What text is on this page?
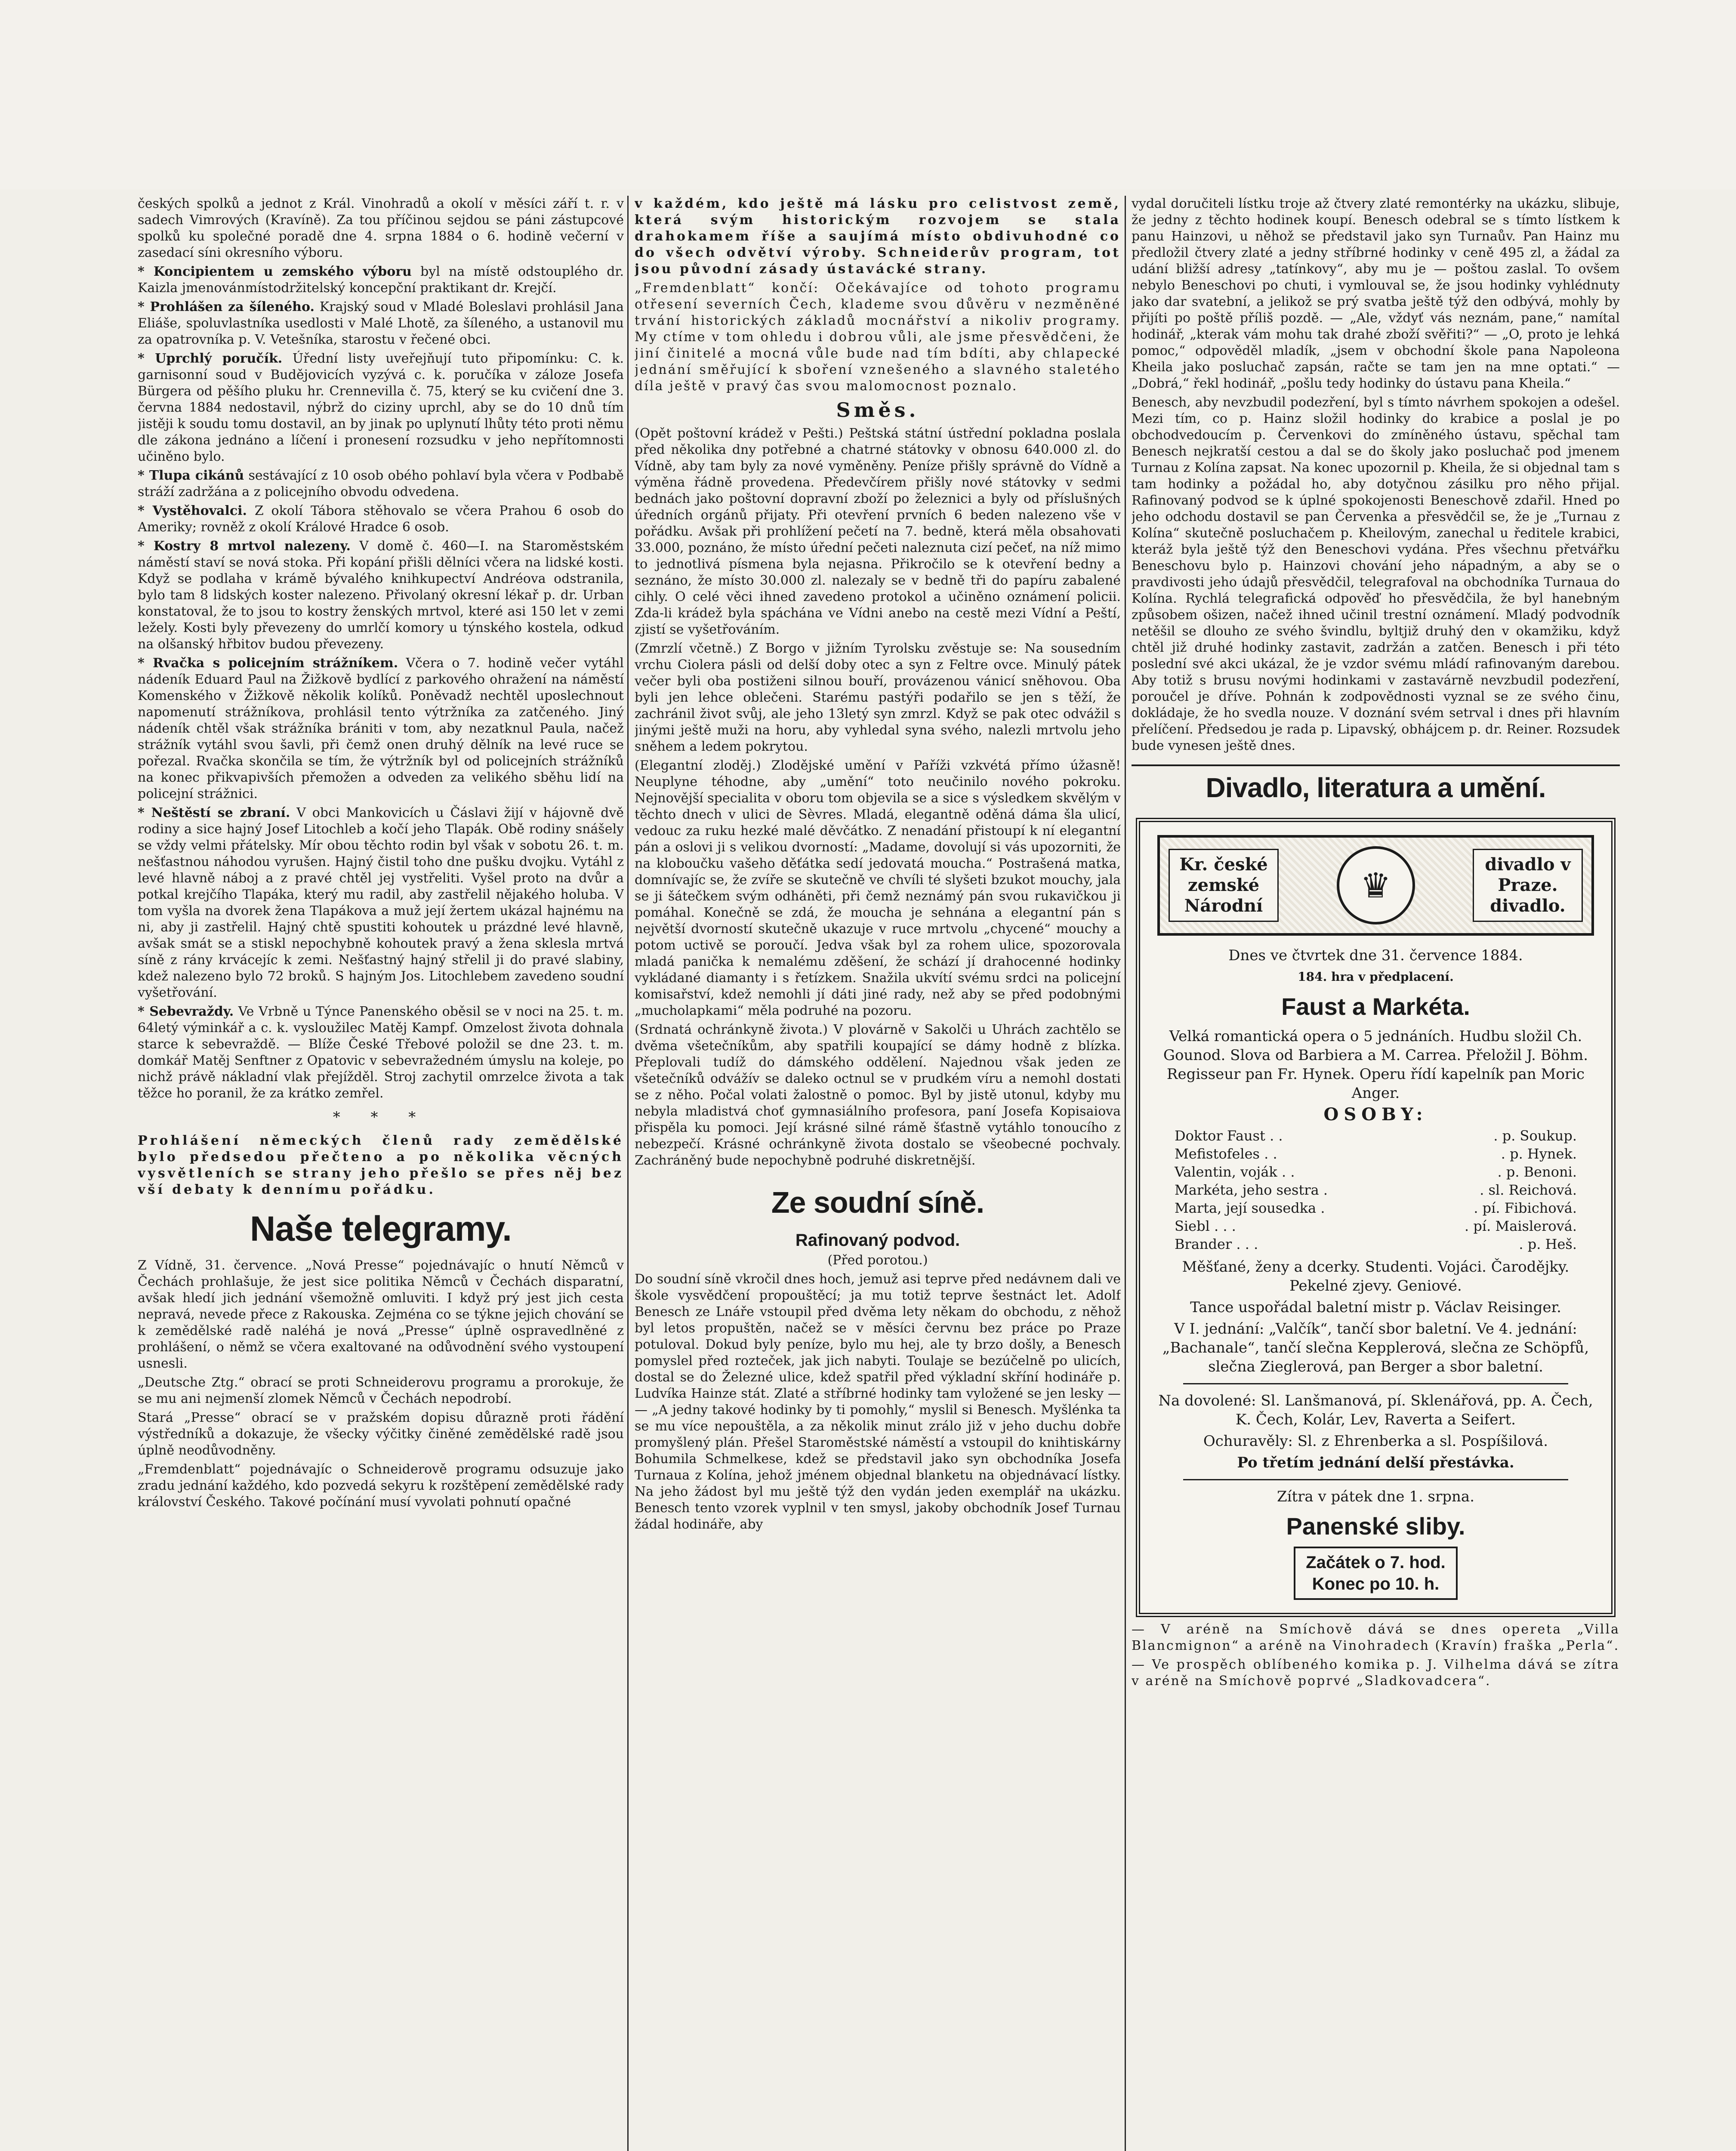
českých spolků a jednot z Král. Vinohradů a okolí v měsíci září t. r. v sadech Vimrových (Kravíně). Za tou příčinou sejdou se páni zástupcové spolků ku společné poradě dne 4. srpna 1884 o 6. hodině večerní v zasedací síni okresního výboru.

* Koncipientem u zemského výboru byl na místě odstouplého dr. Kaizla jmenovánmístodržitelský koncepční praktikant dr. Krejčí.

* Prohlášen za šíleného. Krajský soud v Mladé Boleslavi prohlásil Jana Eliáše, spoluvlastníka usedlosti v Malé Lhotě, za šíleného, a ustanovil mu za opatrovníka p. V. Vetešníka, starostu v řečené obci.

* Uprchlý poručík. Úřední listy uveřejňují tuto připomínku: C. k. garnisonní soud v Budějovicích vyzývá c. k. poručíka v záloze Josefa Bürgera od pěšího pluku hr. Crennevilla č. 75, který se ku cvičení dne 3. června 1884 nedostavil, nýbrž do ciziny uprchl, aby se do 10 dnů tím jistěji k soudu tomu dostavil, an by jinak po uplynutí lhůty této proti němu dle zákona jednáno a líčení i pronesení rozsudku v jeho nepřítomnosti učiněno bylo.

* Tlupa cikánů sestávající z 10 osob obého pohlaví byla včera v Podbabě stráží zadržána a z policejního obvodu odvedena.

* Vystěhovalci. Z okolí Tábora stěhovalo se včera Prahou 6 osob do Ameriky; rovněž z okolí Králové Hradce 6 osob.

* Kostry 8 mrtvol nalezeny. V domě č. 460—I. na Staroměstském náměstí staví se nová stoka. Při kopání přišli dělníci včera na lidské kosti. Když se podlaha v krámě bývalého knihkupectví Andréova odstranila, bylo tam 8 lidských koster nalezeno. Přivolaný okresní lékař p. dr. Urban konstatoval, že to jsou to kostry ženských mrtvol, které asi 150 let v zemi ležely. Kosti byly převezeny do umrlčí komory u týnského kostela, odkud na olšanský hřbitov budou převezeny.

* Rvačka s policejním strážníkem. Včera o 7. hodině večer vytáhl nádeník Eduard Paul na Žižkově bydlící z parkového ohražení na náměstí Komenského v Žižkově několik kolíků. Poněvadž nechtěl uposlechnout napomenutí strážníkova, prohlásil tento výtržníka za zatčeného. Jiný nádeník chtěl však strážníka brániti v tom, aby nezatknul Paula, načež strážník vytáhl svou šavli, při čemž onen druhý dělník na levé ruce se pořezal. Rvačka skončila se tím, že výtržník byl od policejních strážníků na konec přikvapivších přemožen a odveden za velikého sběhu lidí na policejní strážnici.

* Neštěstí se zbraní. V obci Mankovicích u Čáslavi žijí v hájovně dvě rodiny a sice hajný Josef Litochleb a kočí jeho Tlapák. Obě rodiny snášely se vždy velmi přátelsky. Mír obou těchto rodin byl však v sobotu 26. t. m. nešťastnou náhodou vyrušen. Hajný čistil toho dne pušku dvojku. Vytáhl z levé hlavně náboj a z pravé chtěl jej vystřeliti. Vyšel proto na dvůr a potkal krejčího Tlapáka, který mu radil, aby zastřelil nějakého holuba. V tom vyšla na dvorek žena Tlapákova a muž její žertem ukázal hajnému na ni, aby ji zastřelil. Hajný chtě spustiti kohoutek u prázdné levé hlavně, avšak smát se a stiskl nepochybně kohoutek pravý a žena sklesla mrtvá síně z rány krvácejíc k zemi. Nešťastný hajný střelil ji do pravé slabiny, kdež nalezeno bylo 72 broků. S hajným Jos. Litochlebem zavedeno soudní vyšetřování.

* Sebevraždy. Ve Vrbně u Týnce Panenského oběsil se v noci na 25. t. m. 64letý výminkář a c. k. vysloužilec Matěj Kampf. Omzelost života dohnala starce k sebevraždě. — Blíže České Třebové položil se dne 23. t. m. domkář Matěj Senftner z Opatovic v sebevražedném úmyslu na koleje, po nichž právě nákladní vlak přejížděl. Stroj zachytil omrzelce života a tak těžce ho poranil, že za krátko zemřel.

* * *

Prohlášení německých členů rady zemědělské bylo předsedou přečteno a po několika věcných vysvětleních se strany jeho přešlo se přes něj bez vší debaty k dennímu pořádku.

Naše telegramy.

Z Vídně, 31. července. „Nová Presse“ pojednávajíc o hnutí Němců v Čechách prohlašuje, že jest sice politika Němců v Čechách disparatní, avšak hledí jich jednání všemožně omluviti. I když prý jest jich cesta nepravá, nevede přece z Rakouska. Zejména co se týkne jejich chování se k zemědělské radě naléhá je nová „Presse“ úplně ospravedlněné z prohlášení, o němž se včera exaltované na odůvodnění svého vystoupení usnesli.

„Deutsche Ztg.“ obrací se proti Schneiderovu programu a prorokuje, že se mu ani nejmenší zlomek Němců v Čechách nepodrobí.

Stará „Presse“ obrací se v pražském dopisu důrazně proti řádění výstředníků a dokazuje, že všecky výčitky činěné zemědělské radě jsou úplně neodůvodněny.

„Fremdenblatt“ pojednávajíc o Schneiderově programu odsuzuje jako zradu jednání každého, kdo pozvedá sekyru k rozštěpení zemědělské rady království Českého. Takové počínání musí vyvolati pohnutí opačné

v každém, kdo ještě má lásku pro celistvost země, která svým historickým rozvojem se stala drahokamem říše a saujímá místo obdivuhodné co do všech odvětví výroby. Schneiderův program, tot jsou původní zásady ústavácké strany.

„Fremdenblatt“ končí: Očekávajíce od tohoto programu otřesení severních Čech, klademe svou důvěru v nezměněné trvání historických základů mocnářství a nikoliv programy. My ctíme v tom ohledu i dobrou vůli, ale jsme přesvědčeni, že jiní činitelé a mocná vůle bude nad tím bdíti, aby chlapecké jednání směřující k sboření vznešeného a slavného staletého díla ještě v pravý čas svou malomocnost poznalo.

Směs.

(Opět poštovní krádež v Pešti.) Peštská státní ústřední pokladna poslala před několika dny potřebné a chatrné státovky v obnosu 640.000 zl. do Vídně, aby tam byly za nové vyměněny. Peníze přišly správně do Vídně a výměna řádně provedena. Předevčírem přišly nové státovky v sedmi bednách jako poštovní dopravní zboží po železnici a byly od příslušných úředních orgánů přijaty. Při otevření prvních 6 beden nalezeno vše v pořádku. Avšak při prohlížení pečetí na 7. bedně, která měla obsahovati 33.000, poznáno, že místo úřední pečeti naleznuta cizí pečeť, na níž mimo to jednotlivá písmena byla nejasna. Přikročilo se k otevření bedny a seznáno, že místo 30.000 zl. nalezaly se v bedně tři do papíru zabalené cihly. O celé věci ihned zavedeno protokol a učiněno oznámení policii. Zda-li krádež byla spáchána ve Vídni anebo na cestě mezi Vídní a Peští, zjistí se vyšetřováním.

(Zmrzlí včetně.) Z Borgo v jižním Tyrolsku zvěstuje se: Na sousedním vrchu Ciolera pásli od delší doby otec a syn z Feltre ovce. Minulý pátek večer byli oba postiženi silnou bouří, provázenou vánicí sněhovou. Oba byli jen lehce oblečeni. Starému pastýři podařilo se jen s těží, že zachránil život svůj, ale jeho 13letý syn zmrzl. Když se pak otec odvážil s jinými ještě muži na horu, aby vyhledal syna svého, nalezli mrtvolu jeho sněhem a ledem pokrytou.

(Elegantní zloděj.) Zlodějské umění v Paříži vzkvétá přímo úžasně! Neuplyne téhodne, aby „umění“ toto neučinilo nového pokroku. Nejnovější specialita v oboru tom objevila se a sice s výsledkem skvělým v těchto dnech v ulici de Sèvres. Mladá, elegantně oděná dáma šla ulicí, vedouc za ruku hezké malé děvčátko. Z nenadání přistoupí k ní elegantní pán a oslovi ji s velikou dvorností: „Madame, dovolují si vás upozorniti, že na kloboučku vašeho děťátka sedí jedovatá moucha.“ Postrašená matka, domnívajíc se, že zvíře se skutečně ve chvíli té slyšeti bzukot mouchy, jala se ji šátečkem svým odháněti, při čemž neznámý pán svou rukavičkou ji pomáhal. Konečně se zdá, že moucha je sehnána a elegantní pán s největší dvorností skutečně ukazuje v ruce mrtvolu „chycené“ mouchy a potom uctivě se poroučí. Jedva však byl za rohem ulice, spozorovala mladá panička k nemalému zděšení, že schází jí drahocenné hodinky vykládané diamanty i s řetízkem. Snažila ukvítí svému srdci na policejní komisařství, kdež nemohli jí dáti jiné rady, než aby se před podobnými „mucholapkami“ měla podruhé na pozoru.

(Srdnatá ochránkyně života.) V plovárně v Sakolči u Uhrách zachtělo se dvěma všetečníkům, aby spatřili koupající se dámy hodně z blízka. Přeplovali tudíž do dámského oddělení. Najednou však jeden ze všetečníků odvážív se daleko octnul se v prudkém víru a nemohl dostati se z něho. Počal volati žalostně o pomoc. Byl by jistě utonul, kdyby mu nebyla mladistvá choť gymnasiálního profesora, paní Josefa Kopisaiova přispěla ku pomoci. Její krásné silné rámě šťastně vytáhlo tonoucího z nebezpečí. Krásné ochránkyně života dostalo se všeobecné pochvaly. Zachráněný bude nepochybně podruhé diskretnější.

Ze soudní síně.
Rafinovaný podvod.
(Před porotou.)

Do soudní síně vkročil dnes hoch, jemuž asi teprve před nedávnem dali ve škole vysvědčení propouštěcí; ja mu totiž teprve šestnáct let. Adolf Benesch ze Lnáře vstoupil před dvěma lety někam do obchodu, z něhož byl letos propuštěn, načež se v měsíci červnu bez práce po Praze potuloval. Dokud byly peníze, bylo mu hej, ale ty brzo došly, a Benesch pomyslel před rozteček, jak jich nabyti. Toulaje se bezúčelně po ulicích, dostal se do Železné ulice, kdež spatřil před výkladní skříní hodináře p. Ludvíka Hainze stát. Zlaté a stříbrné hodinky tam vyložené se jen lesky — — „A jedny takové hodinky by ti pomohly,“ myslil si Benesch. Myšlénka ta se mu více nepouštěla, a za několik minut zrálo již v jeho duchu dobře promyšlený plán. Přešel Staroměstské náměstí a vstoupil do knihtiskárny Bohumila Schmelkese, kdež se představil jako syn obchodníka Josefa Turnaua z Kolína, jehož jménem objednal blanketu na objednávací lístky. Na jeho žádost byl mu ještě týž den vydán jeden exemplář na ukázku. Benesch tento vzorek vyplnil v ten smysl, jakoby obchodník Josef Turnau žádal hodináře, aby

vydal doručiteli lístku troje až čtvery zlaté remontérky na ukázku, slibuje, že jedny z těchto hodinek koupí. Benesch odebral se s tímto lístkem k panu Hainzovi, u něhož se představil jako syn Turnaův. Pan Hainz mu předložil čtvery zlaté a jedny stříbrné hodinky v ceně 495 zl, a žádal za udání bližší adresy „tatínkovy“, aby mu je — poštou zaslal. To ovšem nebylo Beneschovi po chuti, i vymlouval se, že jsou hodinky vyhlédnuty jako dar svatební, a jelikož se prý svatba ještě týž den odbývá, mohly by přijíti po poště příliš pozdě. — „Ale, vždyť vás neznám, pane,“ namítal hodinář, „kterak vám mohu tak drahé zboží svěřiti?“ — „O, proto je lehká pomoc,“ odpověděl mladík, „jsem v obchodní škole pana Napoleona Kheila jako posluchač zapsán, račte se tam jen na mne optati.“ — „Dobrá,“ řekl hodinář, „pošlu tedy hodinky do ústavu pana Kheila.“

Benesch, aby nevzbudil podezření, byl s tímto návrhem spokojen a odešel. Mezi tím, co p. Hainz složil hodinky do krabice a poslal je po obchodvedoucím p. Červenkovi do zmíněného ústavu, spěchal tam Benesch nejkratší cestou a dal se do školy jako posluchač pod jmenem Turnau z Kolína zapsat. Na konec upozornil p. Kheila, že si objednal tam s tam hodinky a požádal ho, aby dotyčnou zásilku pro něho přijal. Rafinovaný podvod se k úplné spokojenosti Beneschově zdařil. Hned po jeho odchodu dostavil se pan Červenka a přesvědčil se, že je „Turnau z Kolína“ skutečně posluchačem p. Kheilovým, zanechal u ředitele krabici, kteráž byla ještě týž den Beneschovi vydána. Přes všechnu přetvářku Beneschovu bylo p. Hainzovi chování jeho nápadným, a aby se o pravdivosti jeho údajů přesvědčil, telegrafoval na obchodníka Turnaua do Kolína. Rychlá telegrafická odpověď ho přesvědčila, že byl hanebným způsobem ošizen, načež ihned učinil trestní oznámení. Mladý podvodník netěšil se dlouho ze svého švindlu, byltjiž druhý den v okamžiku, když chtěl již druhé hodinky zastavit, zadržán a zatčen. Benesch i při této poslední své akci ukázal, že je vzdor svému mládí rafinovaným darebou. Aby totiž s brusu novými hodinkami v zastavárně nevzbudil podezření, poroučel je dříve. Pohnán k zodpovědnosti vyznal se ze svého činu, dokládaje, že ho svedla nouze. V doznání svém setrval i dnes při hlavním přelíčení. Předsedou je rada p. Lipavský, obhájcem p. dr. Reiner. Rozsudek bude vynesen ještě dnes.

Divadlo, literatura a umění.
Kr. české zemské Národní
♛
divadlo v Praze. divadlo.

Dnes ve čtvrtek dne 31. července 1884.

184. hra v předplacení.

Faust a Markéta.

Velká romantická opera o 5 jednáních. Hudbu složil Ch. Gounod. Slova od Barbiera a M. Carrea. Přeložil J. Böhm. Regisseur pan Fr. Hynek. Operu řídí kapelník pan Moric Anger.

OSOBY:

Doktor Faust . .	. p. Soukup.
Mefistofeles . .	. p. Hynek.
Valentin, voják . .	. p. Benoni.
Markéta, jeho sestra .	. sl. Reichová.
Marta, její sousedka .	. pí. Fibichová.
Siebl . . .	. pí. Maislerová.
Brander . . .	. p. Heš.

Měšťané, ženy a dcerky. Studenti. Vojáci. Čarodějky. Pekelné zjevy. Geniové.

Tance uspořádal baletní mistr p. Václav Reisinger.

V I. jednání: „Valčík“, tančí sbor baletní. Ve 4. jednání: „Bachanale“, tančí slečna Kepplerová, slečna ze Schöpfů, slečna Zieglerová, pan Berger a sbor baletní.

Na dovolené: Sl. Lanšmanová, pí. Sklenářová, pp. A. Čech, K. Čech, Kolár, Lev, Raverta a Seifert.

Ochuravěly: Sl. z Ehrenberka a sl. Pospíšilová.

Po třetím jednání delší přestávka.

Zítra v pátek dne 1. srpna.

Panenské sliby.

Začátek o 7. hod.
Konec po 10. h.

— V aréně na Smíchově dává se dnes opereta „Villa Blancmignon“ a aréně na Vinohradech (Kravín) fraška „Perla“.

— Ve prospěch oblíbeného komika p. J. Vilhelma dává se zítra v aréně na Smíchově poprvé „Sladkovadcera“.
